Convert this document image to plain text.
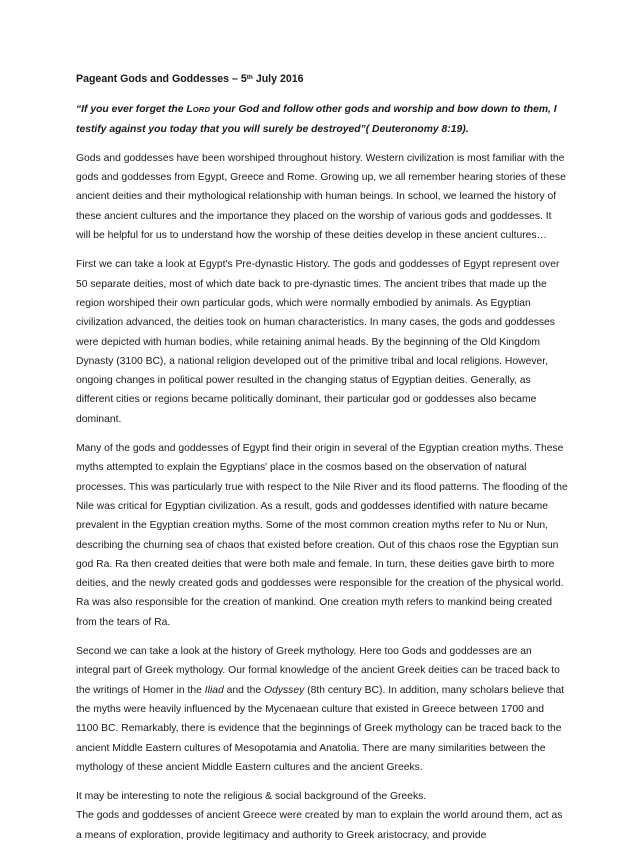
Pageant Gods and Goddesses – 5th July 2016
“If you ever forget the LORD your God and follow other gods and worship and bow down to them, I testify against you today that you will surely be destroyed”( Deuteronomy 8:19).

Gods and goddesses have been worshiped throughout history. Western civilization is most familiar with the gods and goddesses from Egypt, Greece and Rome. Growing up, we all remember hearing stories of these ancient deities and their mythological relationship with human beings. In school, we learned the history of these ancient cultures and the importance they placed on the worship of various gods and goddesses. It will be helpful for us to understand how the worship of these deities develop in these ancient cultures…

First we can take a look at Egypt's Pre-dynastic History. The gods and goddesses of Egypt represent over 50 separate deities, most of which date back to pre-dynastic times. The ancient tribes that made up the region worshiped their own particular gods, which were normally embodied by animals. As Egyptian civilization advanced, the deities took on human characteristics. In many cases, the gods and goddesses were depicted with human bodies, while retaining animal heads. By the beginning of the Old Kingdom Dynasty (3100 BC), a national religion developed out of the primitive tribal and local religions. However, ongoing changes in political power resulted in the changing status of Egyptian deities. Generally, as different cities or regions became politically dominant, their particular god or goddesses also became dominant.

Many of the gods and goddesses of Egypt find their origin in several of the Egyptian creation myths. These myths attempted to explain the Egyptians' place in the cosmos based on the observation of natural processes. This was particularly true with respect to the Nile River and its flood patterns. The flooding of the Nile was critical for Egyptian civilization. As a result, gods and goddesses identified with nature became prevalent in the Egyptian creation myths. Some of the most common creation myths refer to Nu or Nun, describing the churning sea of chaos that existed before creation. Out of this chaos rose the Egyptian sun god Ra. Ra then created deities that were both male and female. In turn, these deities gave birth to more deities, and the newly created gods and goddesses were responsible for the creation of the physical world. Ra was also responsible for the creation of mankind. One creation myth refers to mankind being created from the tears of Ra.

Second we can take a look at the history of Greek mythology. Here too Gods and goddesses are an integral part of Greek mythology. Our formal knowledge of the ancient Greek deities can be traced back to the writings of Homer in the Iliad and the Odyssey (8th century BC). In addition, many scholars believe that the myths were heavily influenced by the Mycenaean culture that existed in Greece between 1700 and 1100 BC. Remarkably, there is evidence that the beginnings of Greek mythology can be traced back to the ancient Middle Eastern cultures of Mesopotamia and Anatolia. There are many similarities between the mythology of these ancient Middle Eastern cultures and the ancient Greeks.

It may be interesting to note the religious & social background of the Greeks.

The gods and goddesses of ancient Greece were created by man to explain the world around them, act as a means of exploration, provide legitimacy and authority to Greek aristocracy, and provide
